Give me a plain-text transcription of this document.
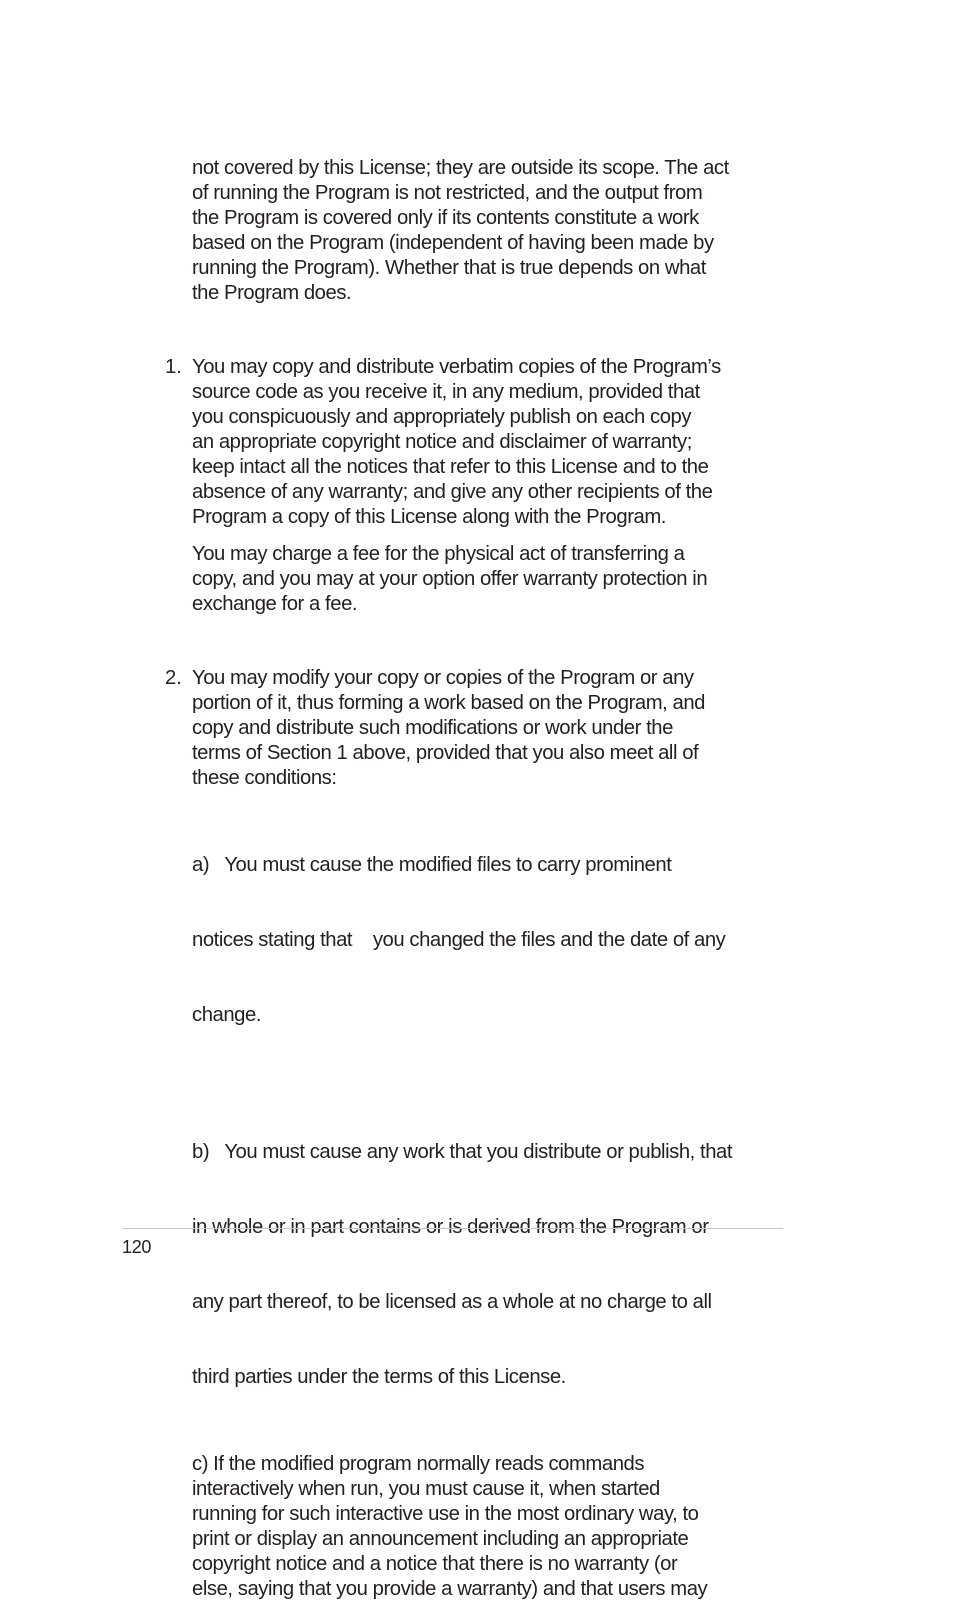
not covered by this License; they are outside its scope. The act
of running the Program is not restricted, and the output from
the Program is covered only if its contents constitute a work
based on the Program (independent of having been made by
running the Program). Whether that is true depends on what
the Program does.

1. You may copy and distribute verbatim copies of the Program’s
source code as you receive it, in any medium, provided that
you conspicuously and appropriately publish on each copy
an appropriate copyright notice and disclaimer of warranty;
keep intact all the notices that refer to this License and to the
absence of any warranty; and give any other recipients of the
Program a copy of this License along with the Program.

You may charge a fee for the physical act of transferring a
copy, and you may at your option offer warranty protection in
exchange for a fee.

2. You may modify your copy or copies of the Program or any
portion of it, thus forming a work based on the Program, and
copy and distribute such modifications or work under the
terms of Section 1 above, provided that you also meet all of
these conditions:

a)   You must cause the modified files to carry prominent

notices stating that    you changed the files and the date of any

change.

b)   You must cause any work that you distribute or publish, that

in whole or in part contains or is derived from the Program or

any part thereof, to be licensed as a whole at no charge to all

third parties under the terms of this License.

c) If the modified program normally reads commands
interactively when run, you must cause it, when started
running for such interactive use in the most ordinary way, to
print or display an announcement including an appropriate
copyright notice and a notice that there is no warranty (or
else, saying that you provide a warranty) and that users may

120
